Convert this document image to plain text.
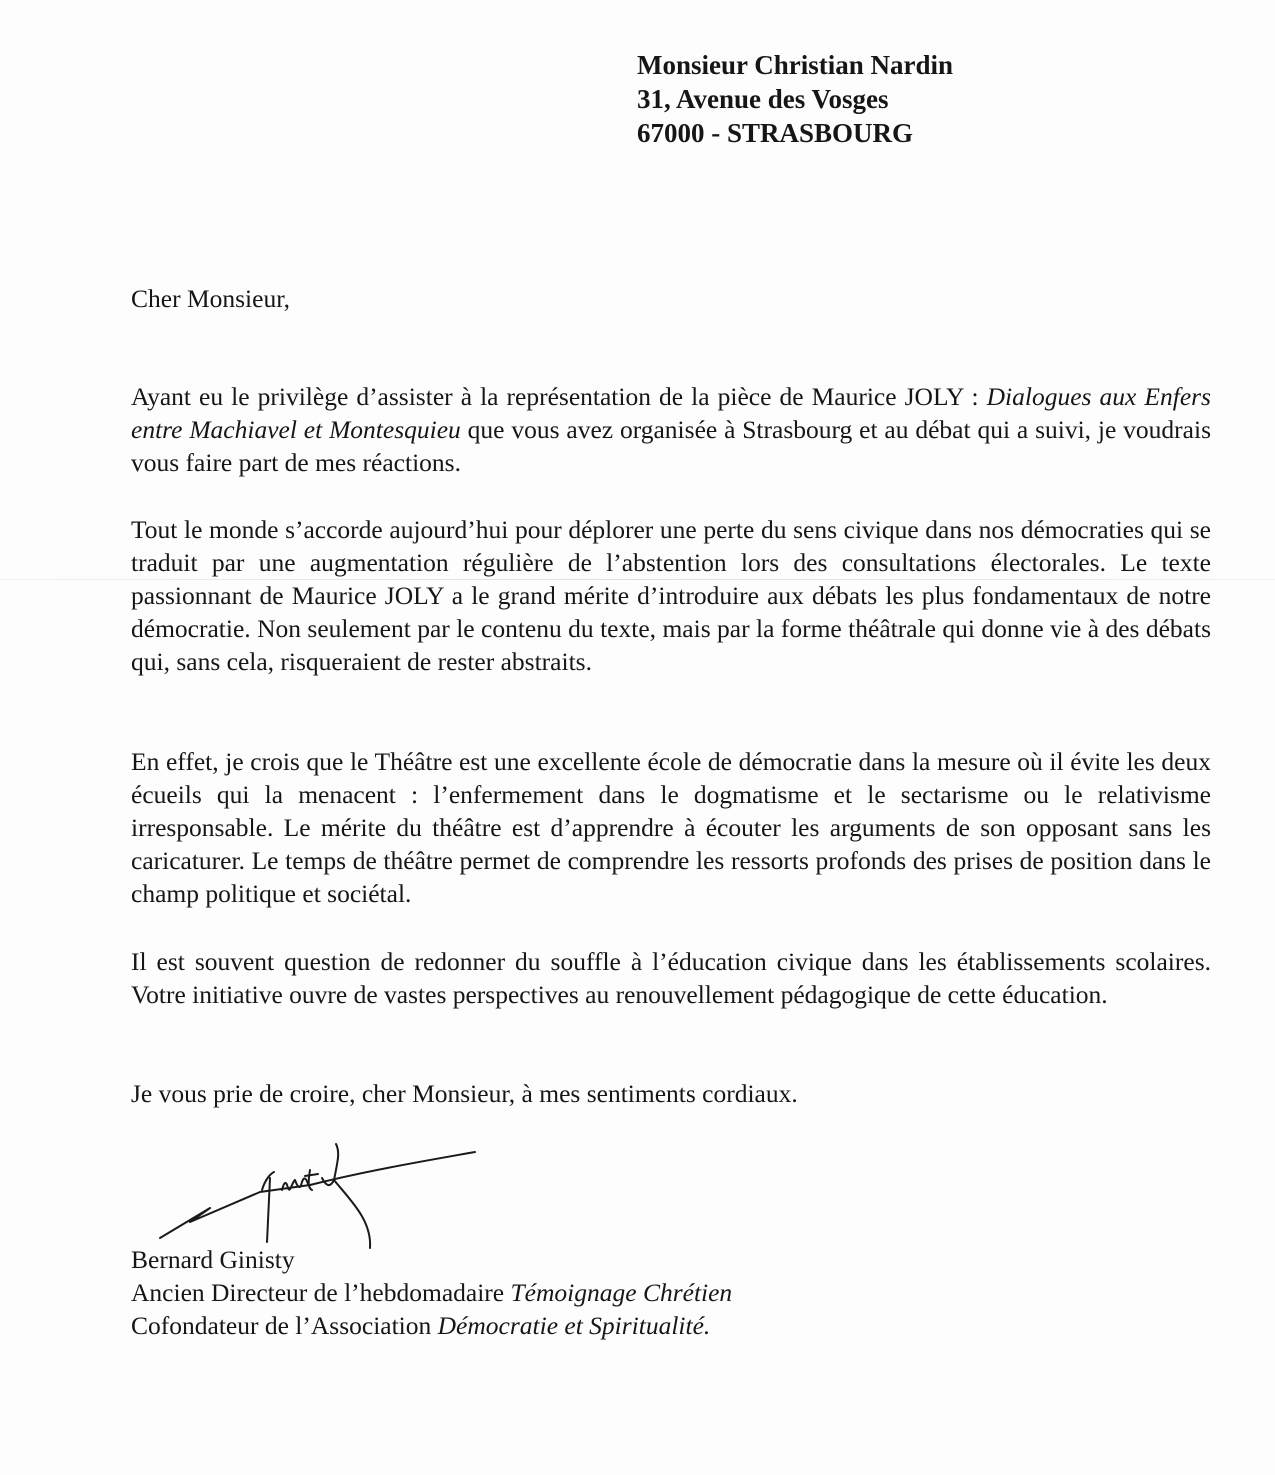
Monsieur Christian Nardin
31, Avenue des Vosges
67000 - STRASBOURG
Cher Monsieur,
Ayant eu le privilège d’assister à la représentation de la pièce de Maurice JOLY : Dialogues aux Enfers entre Machiavel et Montesquieu que vous avez organisée à Strasbourg et au débat qui a suivi, je voudrais vous faire part de mes réactions.
Tout le monde s’accorde aujourd’hui pour déplorer une perte du sens civique dans nos démocraties qui se traduit par une augmentation régulière de l’abstention lors des consultations électorales. Le texte passionnant de Maurice JOLY a le grand mérite d’introduire aux débats les plus fondamentaux de notre démocratie. Non seulement par le contenu du texte, mais par la forme théâtrale qui donne vie à des débats qui, sans cela, risqueraient de rester abstraits.
En effet, je crois que le Théâtre est une excellente école de démocratie dans la mesure où il évite les deux écueils qui la menacent : l’enfermement dans le dogmatisme et le sectarisme ou le relativisme irresponsable. Le mérite du théâtre est d’apprendre à écouter les arguments de son opposant sans les caricaturer. Le temps de théâtre permet de comprendre les ressorts profonds des prises de position dans le champ politique et sociétal.
Il est souvent question de redonner du souffle à l’éducation civique dans les établissements scolaires. Votre initiative ouvre de vastes perspectives au renouvellement pédagogique de cette éducation.
Je vous prie de croire, cher Monsieur, à mes sentiments cordiaux.
Bernard Ginisty
Ancien Directeur de l’hebdomadaire Témoignage Chrétien
Cofondateur de l’Association Démocratie et Spiritualité.
